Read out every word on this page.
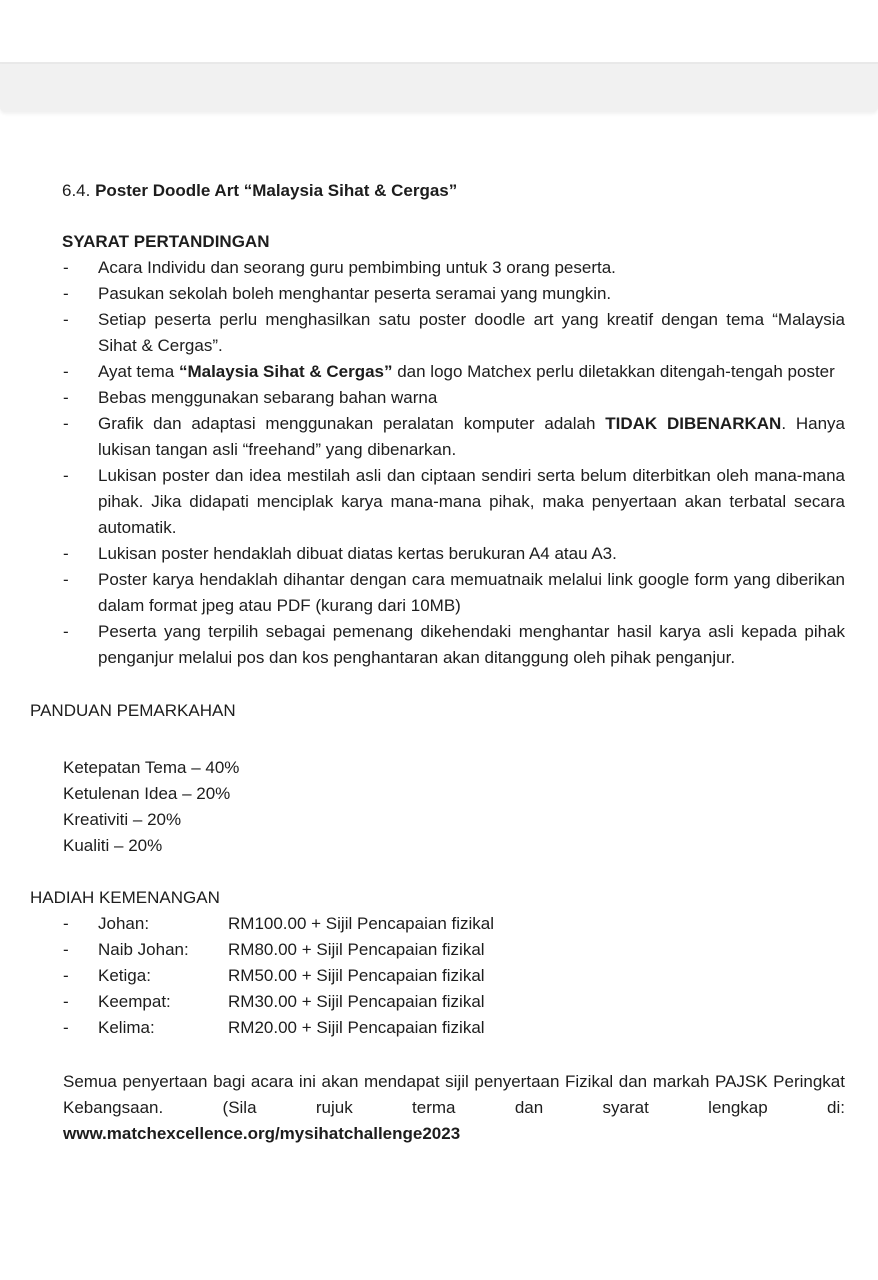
6.4. Poster Doodle Art “Malaysia Sihat & Cergas”
SYARAT PERTANDINGAN
-	Acara Individu dan seorang guru pembimbing untuk 3 orang peserta.
-	Pasukan sekolah boleh menghantar peserta seramai yang mungkin.
-	Setiap peserta perlu menghasilkan satu poster doodle art yang kreatif dengan tema “Malaysia Sihat & Cergas”.
-	Ayat tema “Malaysia Sihat & Cergas” dan logo Matchex perlu diletakkan ditengah-tengah poster
-	Bebas menggunakan sebarang bahan warna
-	Grafik dan adaptasi menggunakan peralatan komputer adalah TIDAK DIBENARKAN. Hanya lukisan tangan asli “freehand” yang dibenarkan.
-	Lukisan poster dan idea mestilah asli dan ciptaan sendiri serta belum diterbitkan oleh mana-mana pihak. Jika didapati menciplak karya mana-mana pihak, maka penyertaan akan terbatal secara automatik.
-	Lukisan poster hendaklah dibuat diatas kertas berukuran A4 atau A3.
-	Poster karya hendaklah dihantar dengan cara memuatnaik melalui link google form yang diberikan dalam format jpeg atau PDF (kurang dari 10MB)
-	Peserta yang terpilih sebagai pemenang dikehendaki menghantar hasil karya asli kepada pihak penganjur melalui pos dan kos penghantaran akan ditanggung oleh pihak penganjur.
PANDUAN PEMARKAHAN
Ketepatan Tema – 40%
Ketulenan Idea – 20%
Kreativiti – 20%
Kualiti – 20%
HADIAH KEMENANGAN
-	Johan:	RM100.00 + Sijil Pencapaian fizikal
-	Naib Johan:	RM80.00 + Sijil Pencapaian fizikal
-	Ketiga:	RM50.00 + Sijil Pencapaian fizikal
-	Keempat:	RM30.00 + Sijil Pencapaian fizikal
-	Kelima:	RM20.00 + Sijil Pencapaian fizikal
Semua penyertaan bagi acara ini akan mendapat sijil penyertaan Fizikal dan markah PAJSK Peringkat Kebangsaan. (Sila rujuk terma dan syarat lengkap di: www.matchexcellence.org/mysihatchallenge2023
